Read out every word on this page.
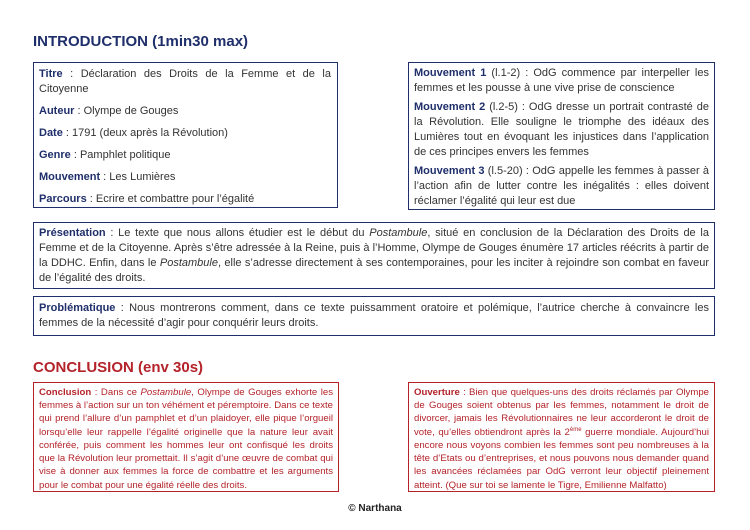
INTRODUCTION (1min30 max)

Titre : Déclaration des Droits de la Femme et de la Citoyenne

Auteur : Olympe de Gouges

Date : 1791 (deux après la Révolution)

Genre : Pamphlet politique

Mouvement : Les Lumières

Parcours : Ecrire et combattre pour l’égalité

Mouvement 1 (l.1-2) : OdG commence par interpeller les femmes et les pousse à une vive prise de conscience

Mouvement 2 (l.2-5) : OdG dresse un portrait contrasté de la Révolution. Elle souligne le triomphe des idéaux des Lumières tout en évoquant les injustices dans l’application de ces principes envers les femmes

Mouvement 3 (l.5-20) : OdG appelle les femmes à passer à l’action afin de lutter contre les inégalités : elles doivent réclamer l’égalité qui leur est due

Présentation : Le texte que nous allons étudier est le début du Postambule, situé en conclusion de la Déclaration des Droits de la Femme et de la Citoyenne. Après s’être adressée à la Reine, puis à l’Homme, Olympe de Gouges énumère 17 articles réécrits à partir de la DDHC. Enfin, dans le Postambule, elle s’adresse directement à ses contemporaines, pour les inciter à rejoindre son combat en faveur de l’égalité des droits.

Problématique : Nous montrerons comment, dans ce texte puissamment oratoire et polémique, l’autrice cherche à convaincre les femmes de la nécessité d’agir pour conquérir leurs droits.

CONCLUSION (env 30s)

Conclusion : Dans ce Postambule, Olympe de Gouges exhorte les femmes à l’action sur un ton véhément et péremptoire. Dans ce texte qui prend l’allure d’un pamphlet et d’un plaidoyer, elle pique l’orgueil lorsqu’elle leur rappelle l’égalité originelle que la nature leur avait conférée, puis comment les hommes leur ont confisqué les droits que la Révolution leur promettait. Il s’agit d’une œuvre de combat qui vise à donner aux femmes la force de combattre et les arguments pour le combat pour une égalité réelle des droits.

Ouverture : Bien que quelques-uns des droits réclamés par Olympe de Gouges soient obtenus par les femmes, notamment le droit de divorcer, jamais les Révolutionnaires ne leur accorderont le droit de vote, qu’elles obtiendront après la 2ème guerre mondiale. Aujourd’hui encore nous voyons combien les femmes sont peu nombreuses à la tête d’Etats ou d’entreprises, et nous pouvons nous demander quand les avancées réclamées par OdG verront leur objectif pleinement atteint. (Que sur toi se lamente le Tigre, Emilienne Malfatto)

© Narthana
